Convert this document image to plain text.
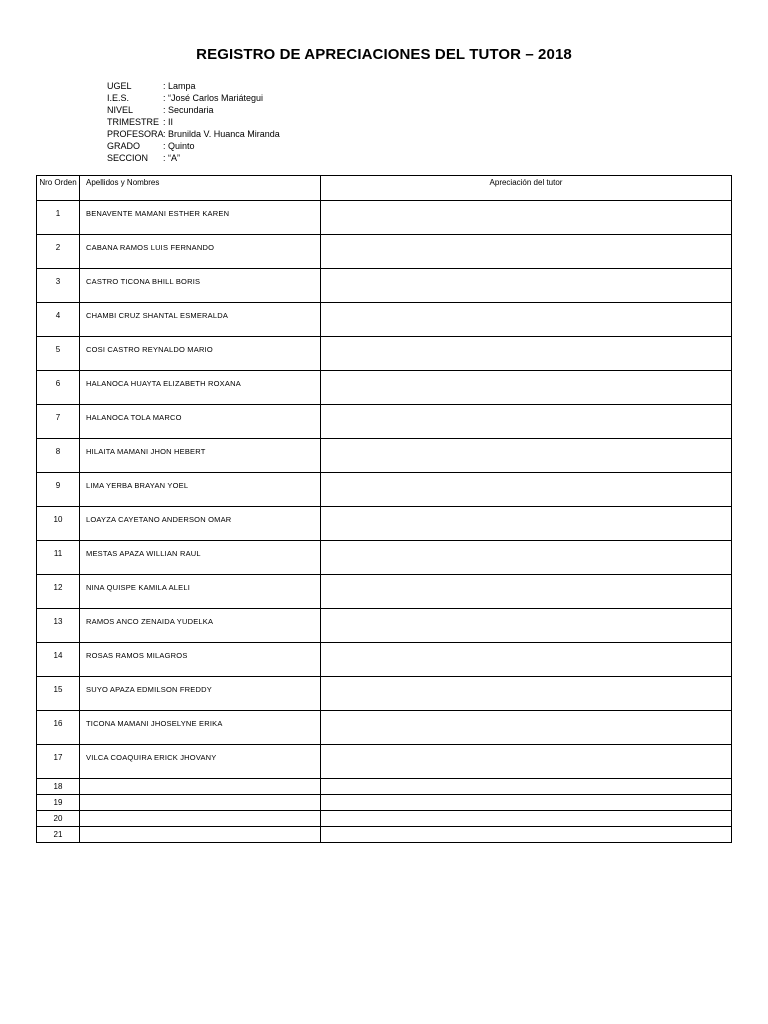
REGISTRO DE APRECIACIONES DEL TUTOR – 2018
UGEL	: Lampa
I.E.S.	: “José Carlos Mariátegui
NIVEL	: Secundaria
TRIMESTRE : II
PROFESORA : Brunilda V. Huanca Miranda
GRADO	: Quinto
SECCION	: “A”
Nro Orden	Apellidos y Nombres	Apreciación del tutor
1	BENAVENTE MAMANI ESTHER KAREN	
2	CABANA RAMOS LUIS FERNANDO	
3	CASTRO TICONA BHILL BORIS	
4	CHAMBI CRUZ SHANTAL ESMERALDA	
5	COSI CASTRO REYNALDO MARIO	
6	HALANOCA HUAYTA ELIZABETH ROXANA	
7	HALANOCA TOLA MARCO	
8	HILAITA MAMANI JHON HEBERT	
9	LIMA YERBA BRAYAN YOEL	
10	LOAYZA CAYETANO ANDERSON OMAR	
11	MESTAS APAZA WILLIAN RAUL	
12	NINA QUISPE KAMILA ALELI	
13	RAMOS ANCO ZENAIDA YUDELKA	
14	ROSAS RAMOS MILAGROS	
15	SUYO APAZA EDMILSON FREDDY	
16	TICONA MAMANI JHOSELYNE ERIKA	
17	VILCA COAQUIRA ERICK JHOVANY	
18		
19		
20		
21		
